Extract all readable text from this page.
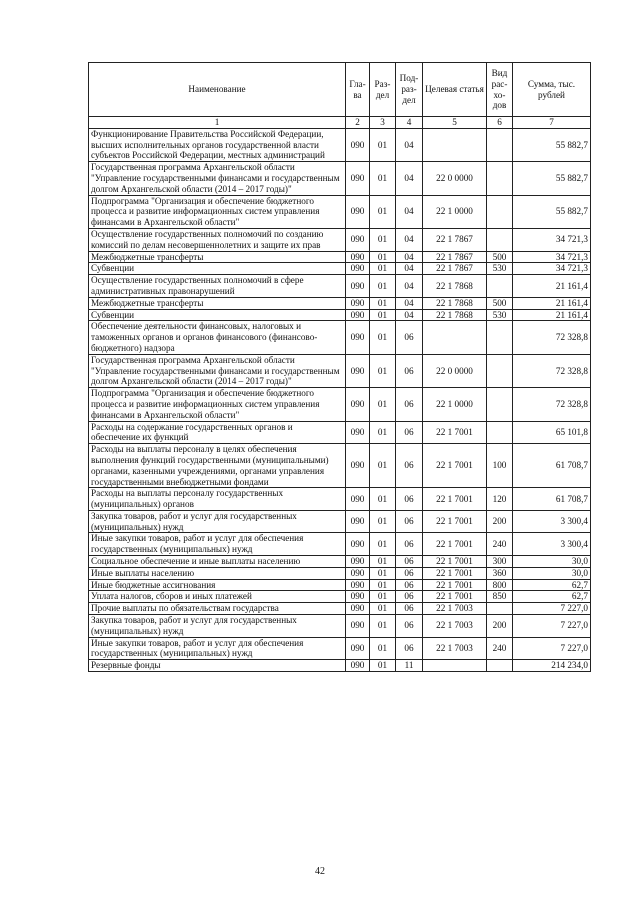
Наименование	Гла-ва	Раз-дел	Под-раз-дел	Целевая статья	Вид рас-хо-дов	Сумма, тыс. рублей
1	2	3	4	5	6	7
Функционирование Правительства Российской Федерации, высших исполнительных органов государственной власти субъектов Российской Федерации, местных администраций	090	01	04			55 882,7
Государственная программа Архангельской области "Управление государственными финансами и государственным долгом Архангельской области (2014 – 2017 годы)"	090	01	04	22 0 0000		55 882,7
Подпрограмма "Организация и обеспечение бюджетного процесса и развитие информационных систем управления финансами в Архангельской области"	090	01	04	22 1 0000		55 882,7
Осуществление государственных полномочий по созданию комиссий по делам несовершеннолетних и защите их прав	090	01	04	22 1 7867		34 721,3
Межбюджетные трансферты	090	01	04	22 1 7867	500	34 721,3
Субвенции	090	01	04	22 1 7867	530	34 721,3
Осуществление государственных полномочий в сфере административных правонарушений	090	01	04	22 1 7868		21 161,4
Межбюджетные трансферты	090	01	04	22 1 7868	500	21 161,4
Субвенции	090	01	04	22 1 7868	530	21 161,4
Обеспечение деятельности финансовых, налоговых и таможенных органов и органов финансового (финансово-бюджетного) надзора	090	01	06			72 328,8
Государственная программа Архангельской области "Управление государственными финансами и государственным долгом Архангельской области (2014 – 2017 годы)"	090	01	06	22 0 0000		72 328,8
Подпрограмма "Организация и обеспечение бюджетного процесса и развитие информационных систем управления финансами в Архангельской области"	090	01	06	22 1 0000		72 328,8
Расходы на содержание государственных органов и обеспечение их функций	090	01	06	22 1 7001		65 101,8
Расходы на выплаты персоналу в целях обеспечения выполнения функций государственными (муниципальными) органами, казенными учреждениями, органами управления государственными внебюджетными фондами	090	01	06	22 1 7001	100	61 708,7
Расходы на выплаты персоналу государственных (муниципальных) органов	090	01	06	22 1 7001	120	61 708,7
Закупка товаров, работ и услуг для государственных (муниципальных) нужд	090	01	06	22 1 7001	200	3 300,4
Иные закупки товаров, работ и услуг для обеспечения государственных (муниципальных) нужд	090	01	06	22 1 7001	240	3 300,4
Социальное обеспечение и иные выплаты населению	090	01	06	22 1 7001	300	30,0
Иные выплаты населению	090	01	06	22 1 7001	360	30,0
Иные бюджетные ассигнования	090	01	06	22 1 7001	800	62,7
Уплата налогов, сборов и иных платежей	090	01	06	22 1 7001	850	62,7
Прочие выплаты по обязательствам государства	090	01	06	22 1 7003		7 227,0
Закупка товаров, работ и услуг для государственных (муниципальных) нужд	090	01	06	22 1 7003	200	7 227,0
Иные закупки товаров, работ и услуг для обеспечения государственных (муниципальных) нужд	090	01	06	22 1 7003	240	7 227,0
Резервные фонды	090	01	11			214 234,0
42
